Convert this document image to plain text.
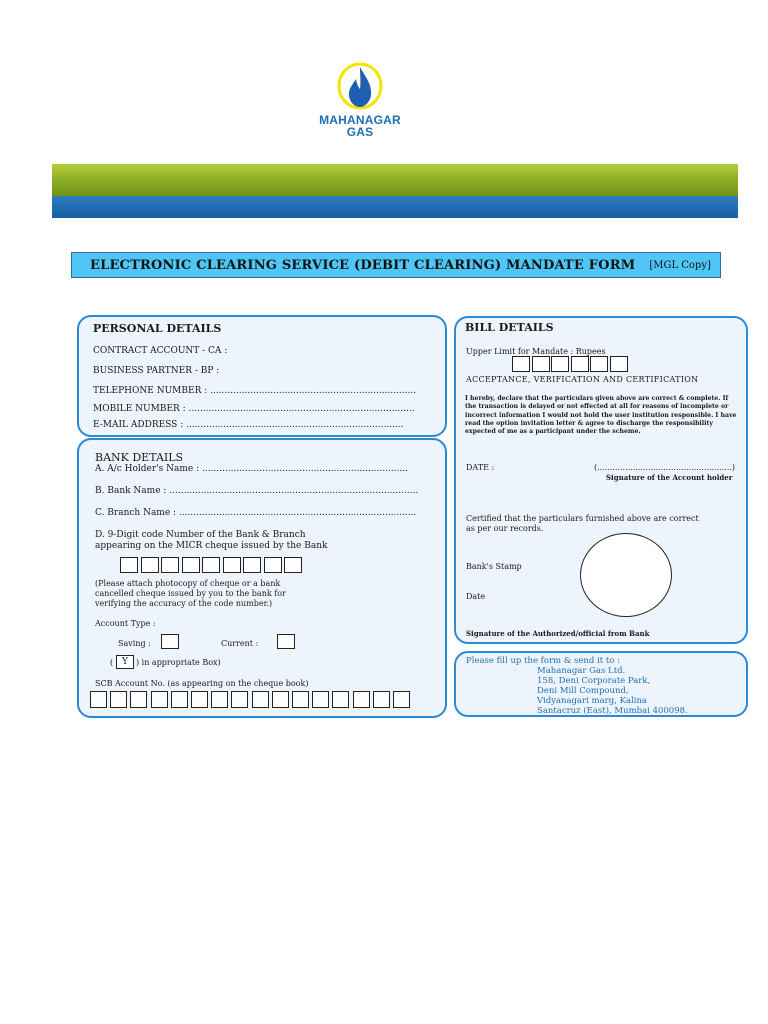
MAHANAGAR
GAS
ELECTRONIC CLEARING SERVICE (DEBIT CLEARING) MANDATE FORM [MGL Copy]
PERSONAL DETAILS
CONTRACT ACCOUNT - CA :
BUSINESS PARTNER - BP :
TELEPHONE NUMBER : ........................................................................
MOBILE NUMBER : ...............................................................................
E-MAIL ADDRESS : ............................................................................
BANK DETAILS
A. A/c Holder's Name : ........................................................................
B. Bank Name : .......................................................................................
C. Branch Name : ...................................................................................
D. 9-Digit code Number of the Bank & Branch
appearing on the MICR cheque issued by the Bank
(Please attach photocopy of cheque or a bank
cancelled cheque issued by you to the bank for
verifying the accuracy of the code number.)
Account Type :
Saving :	Current :
( Y	) in appropriate Box)
SCB Account No. (as appearing on the cheque book)
BILL DETAILS
Upper Limit for Mandate : Rupees
ACCEPTANCE, VERIFICATION AND CERTIFICATION
I hereby, declare that the particulars given above are correct & complete. If the transaction is delayed or not effected at all for reasons of incomplete or incorrect information I would not hold the user institution responsible. I have read the option invitation letter & agree to discharge the responsibility expected of me as a participant under the scheme.
DATE :	(.....................................................)
Signature of the Account holder
Certified that the particulars furnished above are correct
as per our records.
Bank's Stamp
Date
Signature of the Authorized/official from Bank
Please fill up the form & send it to :
Mahanagar Gas Ltd.
158, Deni Corporate Park,
Deni Mill Compound,
Vidyanagari marg, Kalina
Santacruz (East), Mumbai 400098.
